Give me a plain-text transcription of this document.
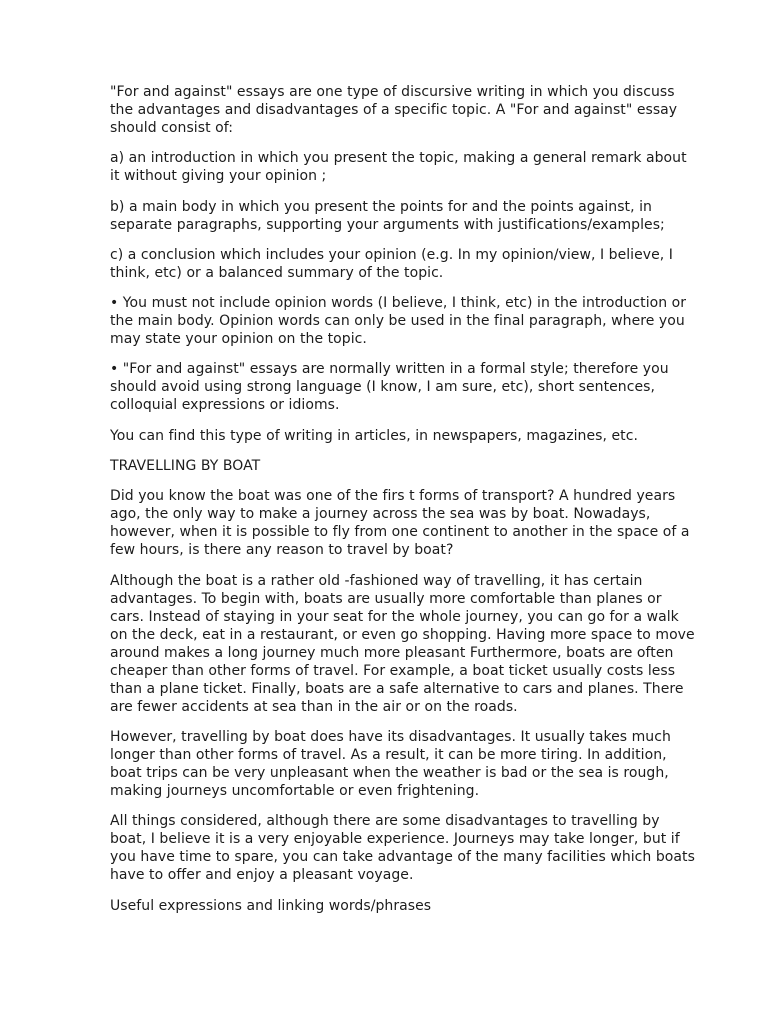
"For and against" essays are one type of discursive writing in which you discuss the advantages and disadvantages of a specific topic. A "For and against" essay should consist of:

a) an introduction in which you present the topic, making a general remark about it without giving your opinion ;

b) a main body in which you present the points for and the points against, in separate paragraphs, supporting your arguments with justifications/examples;

c) a conclusion which includes your opinion (e.g. In my opinion/view, I believe, I think, etc) or a balanced summary of the topic.

• You must not include opinion words (I believe, I think, etc) in the introduction or the main body. Opinion words can only be used in the final paragraph, where you may state your opinion on the topic.

• "For and against" essays are normally written in a formal style; therefore you should avoid using strong language (I know, I am sure, etc), short sentences, colloquial expressions or idioms.

You can find this type of writing in articles, in newspapers, magazines, etc.

TRAVELLING BY BOAT

Did you know the boat was one of the firs t forms of transport? A hundred years ago, the only way to make a journey across the sea was by boat. Nowadays, however, when it is possible to fly from one continent to another in the space of a few hours, is there any reason to travel by boat?

Although the boat is a rather old -fashioned way of travelling, it has certain advantages. To begin with, boats are usually more comfortable than planes or cars. Instead of staying in your seat for the whole journey, you can go for a walk on the deck, eat in a restaurant, or even go shopping. Having more space to move around makes a long journey much more pleasant Furthermore, boats are often cheaper than other forms of travel. For example, a boat ticket usually costs less than a plane ticket. Finally, boats are a safe alternative to cars and planes. There are fewer accidents at sea than in the air or on the roads.

However, travelling by boat does have its disadvantages. It usually takes much longer than other forms of travel. As a result, it can be more tiring. In addition, boat trips can be very unpleasant when the weather is bad or the sea is rough, making journeys uncomfortable or even frightening.

All things considered, although there are some disadvantages to travelling by boat, I believe it is a very enjoyable experience. Journeys may take longer, but if you have time to spare, you can take advantage of the many facilities which boats have to offer and enjoy a pleasant voyage.

Useful expressions and linking words/phrases
